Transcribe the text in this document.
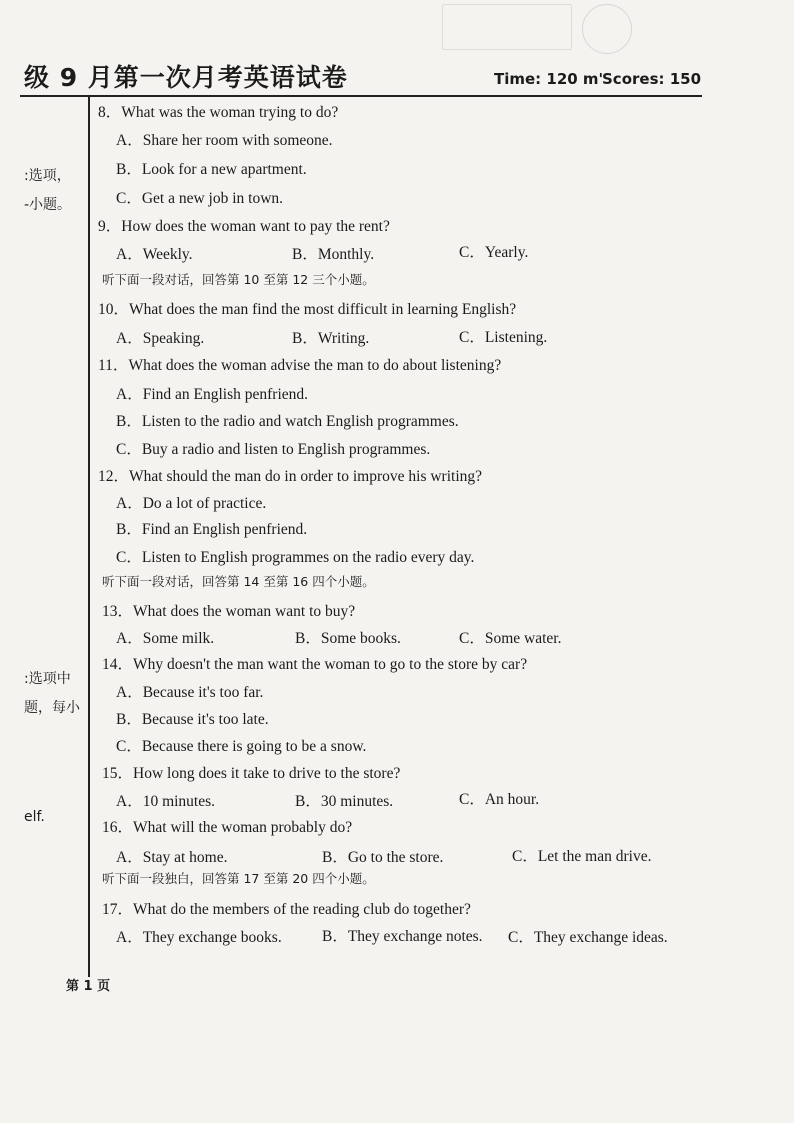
级 9 月第一次月考英语试卷	Time: 120 m'
Scores: 150
:选项，
-小题。
:选项中
题，每小
elf.
8．What was the woman trying to do?
A．Share her room with someone.
B．Look for a new apartment.
C．Get a new job in town.
9．How does the woman want to pay the rent?
A．Weekly.	B．Monthly.	C．Yearly.
听下面一段对话，回答第 10 至第 12 三个小题。
10．What does the man find the most difficult in learning English?
A．Speaking.	B．Writing.	C．Listening.
11．What does the woman advise the man to do about listening?
A．Find an English penfriend.
B．Listen to the radio and watch English programmes.
C．Buy a radio and listen to English programmes.
12．What should the man do in order to improve his writing?
A．Do a lot of practice.
B．Find an English penfriend.
C．Listen to English programmes on the radio every day.
听下面一段对话，回答第 14 至第 16 四个小题。
13．What does the woman want to buy?
A．Some milk.	B．Some books.	C．Some water.
14．Why doesn't the man want the woman to go to the store by car?
A．Because it's too far.
B．Because it's too late.
C．Because there is going to be a snow.
15．How long does it take to drive to the store?
A．10 minutes.	B．30 minutes.	C．An hour.
16．What will the woman probably do?
A．Stay at home.	B．Go to the store.	C．Let the man drive.
听下面一段独白，回答第 17 至第 20 四个小题。
17．What do the members of the reading club do together?
A．They exchange books.	B．They exchange notes. C．They exchange ideas.
第 1 页
